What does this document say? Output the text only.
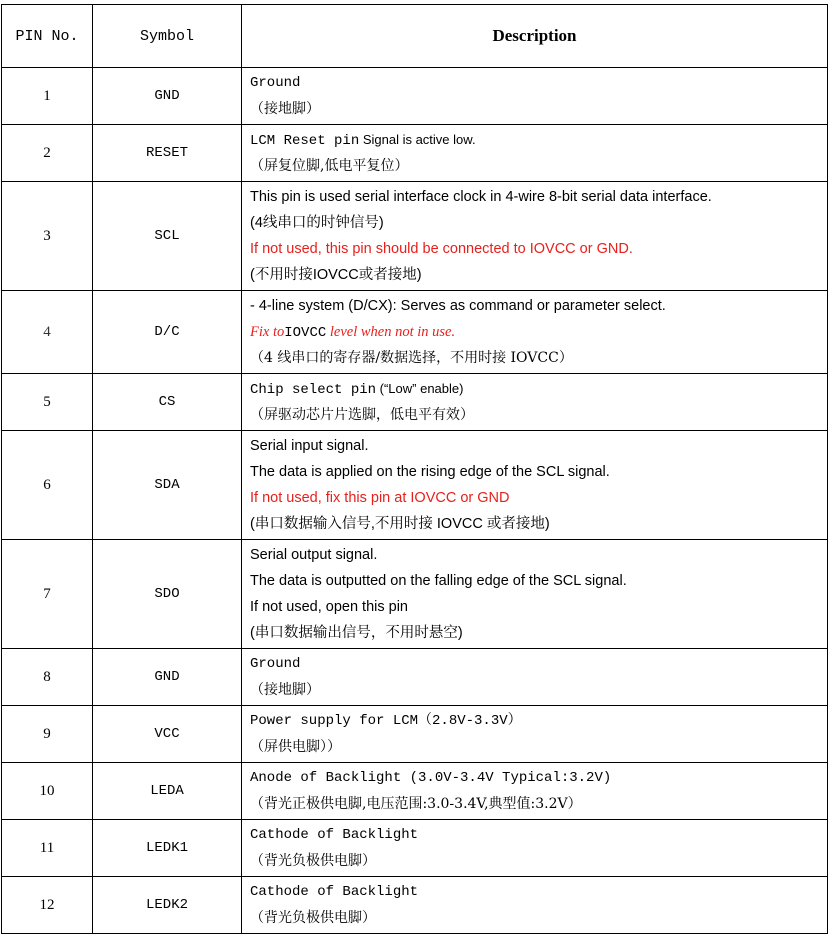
PIN No.	Symbol	Description
1	GND	Ground
（接地脚）

2	RESET	LCM Reset pin Signal is active low.
（屏复位脚,低电平复位）

3	SCL	This pin is used serial interface clock in 4-wire 8-bit serial data interface.
(4线串口的时钟信号)
If not used, this pin should be connected to IOVCC or GND.
(不用时接IOVCC或者接地)

4	D/C	- 4-line system (D/CX): Serves as command or parameter select.
Fix toIOVCC level when not in use.
（4 线串口的寄存器/数据选择，不用时接 IOVCC）

5	CS	Chip select pin (“Low” enable)
（屏驱动芯片片选脚，低电平有效）

6	SDA	Serial input signal.
The data is applied on the rising edge of the SCL signal.
If not used, fix this pin at IOVCC or GND
(串口数据输入信号,不用时接 IOVCC 或者接地)

7	SDO	Serial output signal.
The data is outputted on the falling edge of the SCL signal.
If not used, open this pin
(串口数据输出信号，不用时悬空)

8	GND	Ground
（接地脚）

9	VCC	Power supply for LCM（2.8V-3.3V）
（屏供电脚））

10	LEDA	Anode of Backlight (3.0V-3.4V Typical:3.2V)
（背光正极供电脚,电压范围:3.0-3.4V,典型值:3.2V）

11	LEDK1	Cathode of Backlight
（背光负极供电脚）

12	LEDK2	Cathode of Backlight
（背光负极供电脚）
